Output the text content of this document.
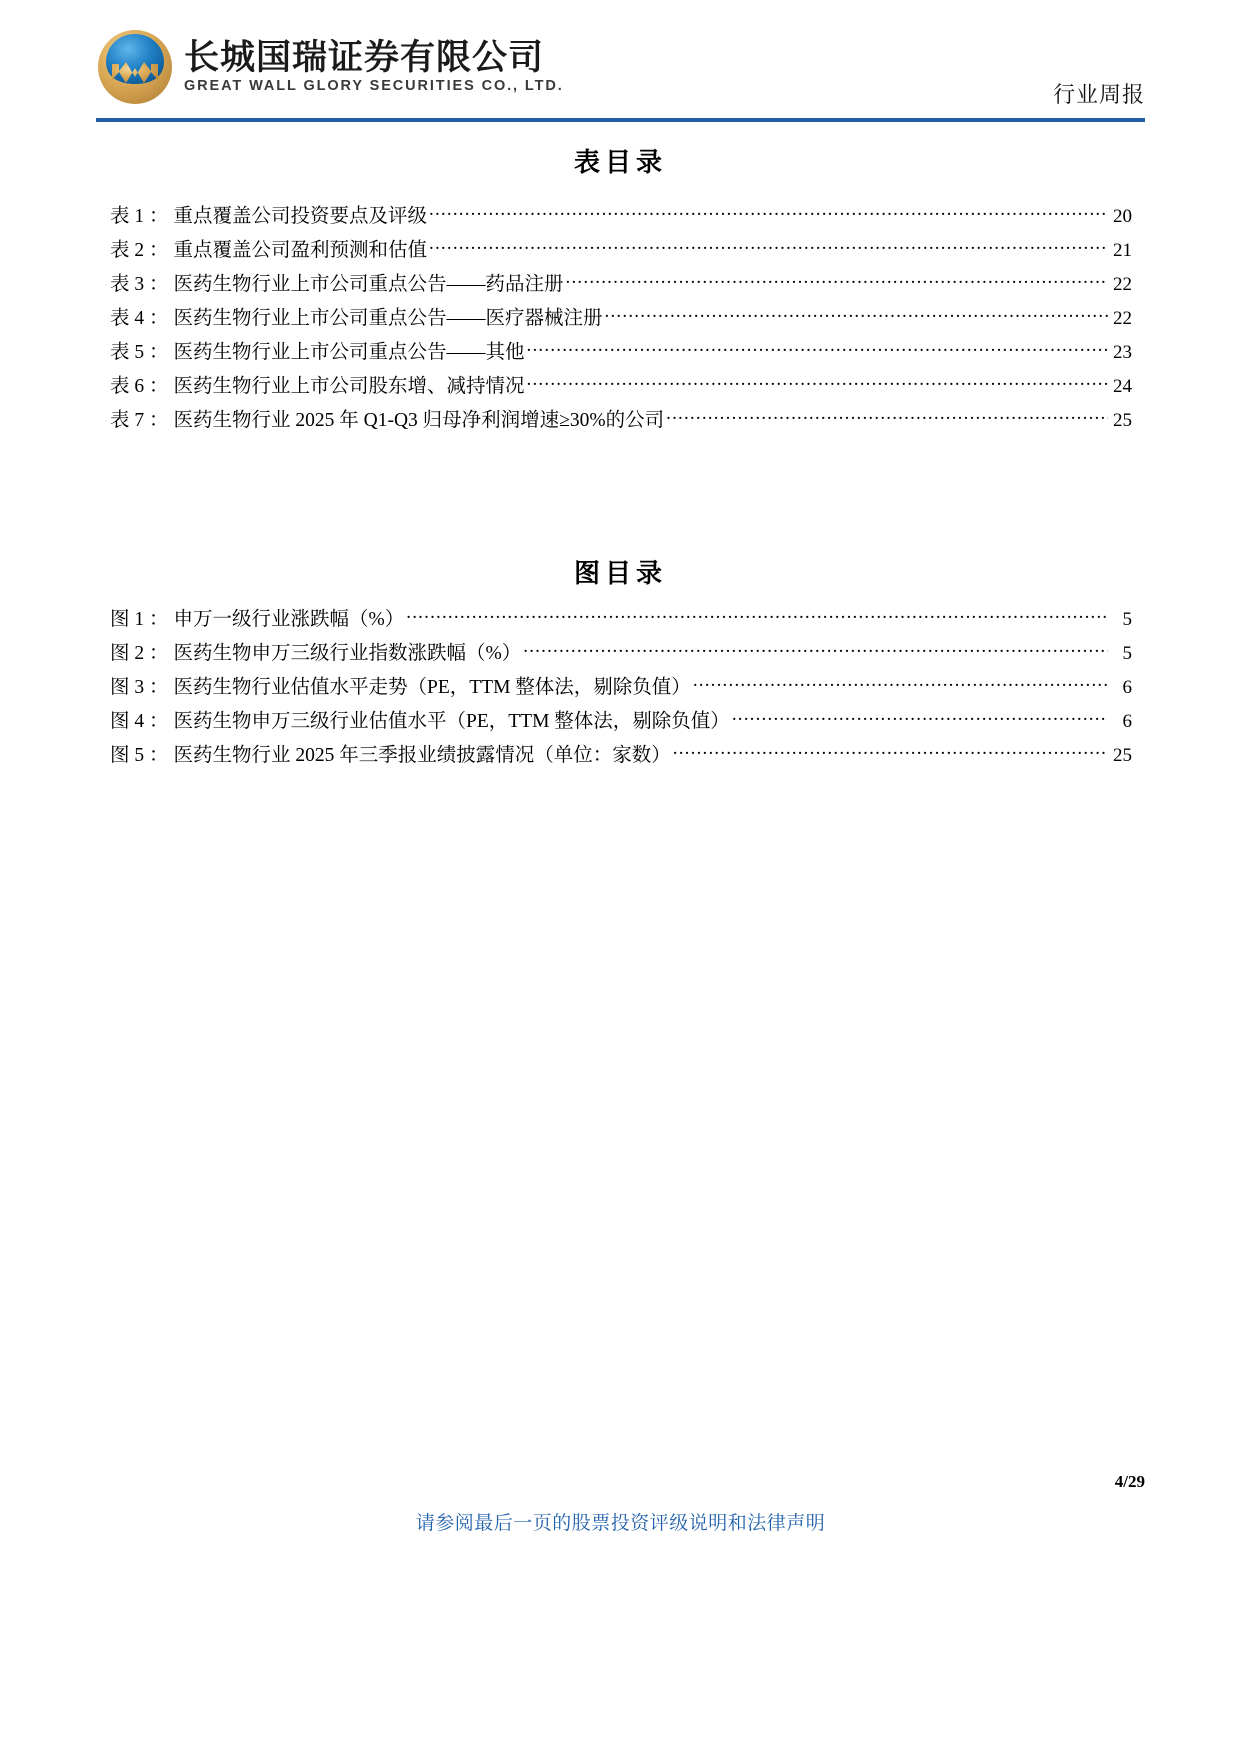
长城国瑞证券有限公司
GREAT WALL GLORY SECURITIES CO., LTD.	行业周报
表目录
表 1 ： 重点覆盖公司投资要点及评级 .....	20
表 2 ： 重点覆盖公司盈利预测和估值 .....	21
表 3 ： 医药生物行业上市公司重点公告——药品注册 .....	22
表 4 ： 医药生物行业上市公司重点公告——医疗器械注册 .....	22
表 5 ： 医药生物行业上市公司重点公告——其他 .....	23
表 6 ： 医药生物行业上市公司股东增、减持情况 .....	24
表 7 ： 医药生物行业 2025 年 Q1-Q3 归母净利润增速≥30%的公司 .....	25
图目录
图 1 ： 申万一级行业涨跌幅（%） .....	5
图 2 ： 医药生物申万三级行业指数涨跌幅（%） .....	5
图 3 ： 医药生物行业估值水平走势（PE，TTM 整体法，剔除负值） .....	6
图 4 ： 医药生物申万三级行业估值水平（PE，TTM 整体法，剔除负值） .....	6
图 5 ： 医药生物行业 2025 年三季报业绩披露情况（单位：家数） .....	25
4/29
请参阅最后一页的股票投资评级说明和法律声明
